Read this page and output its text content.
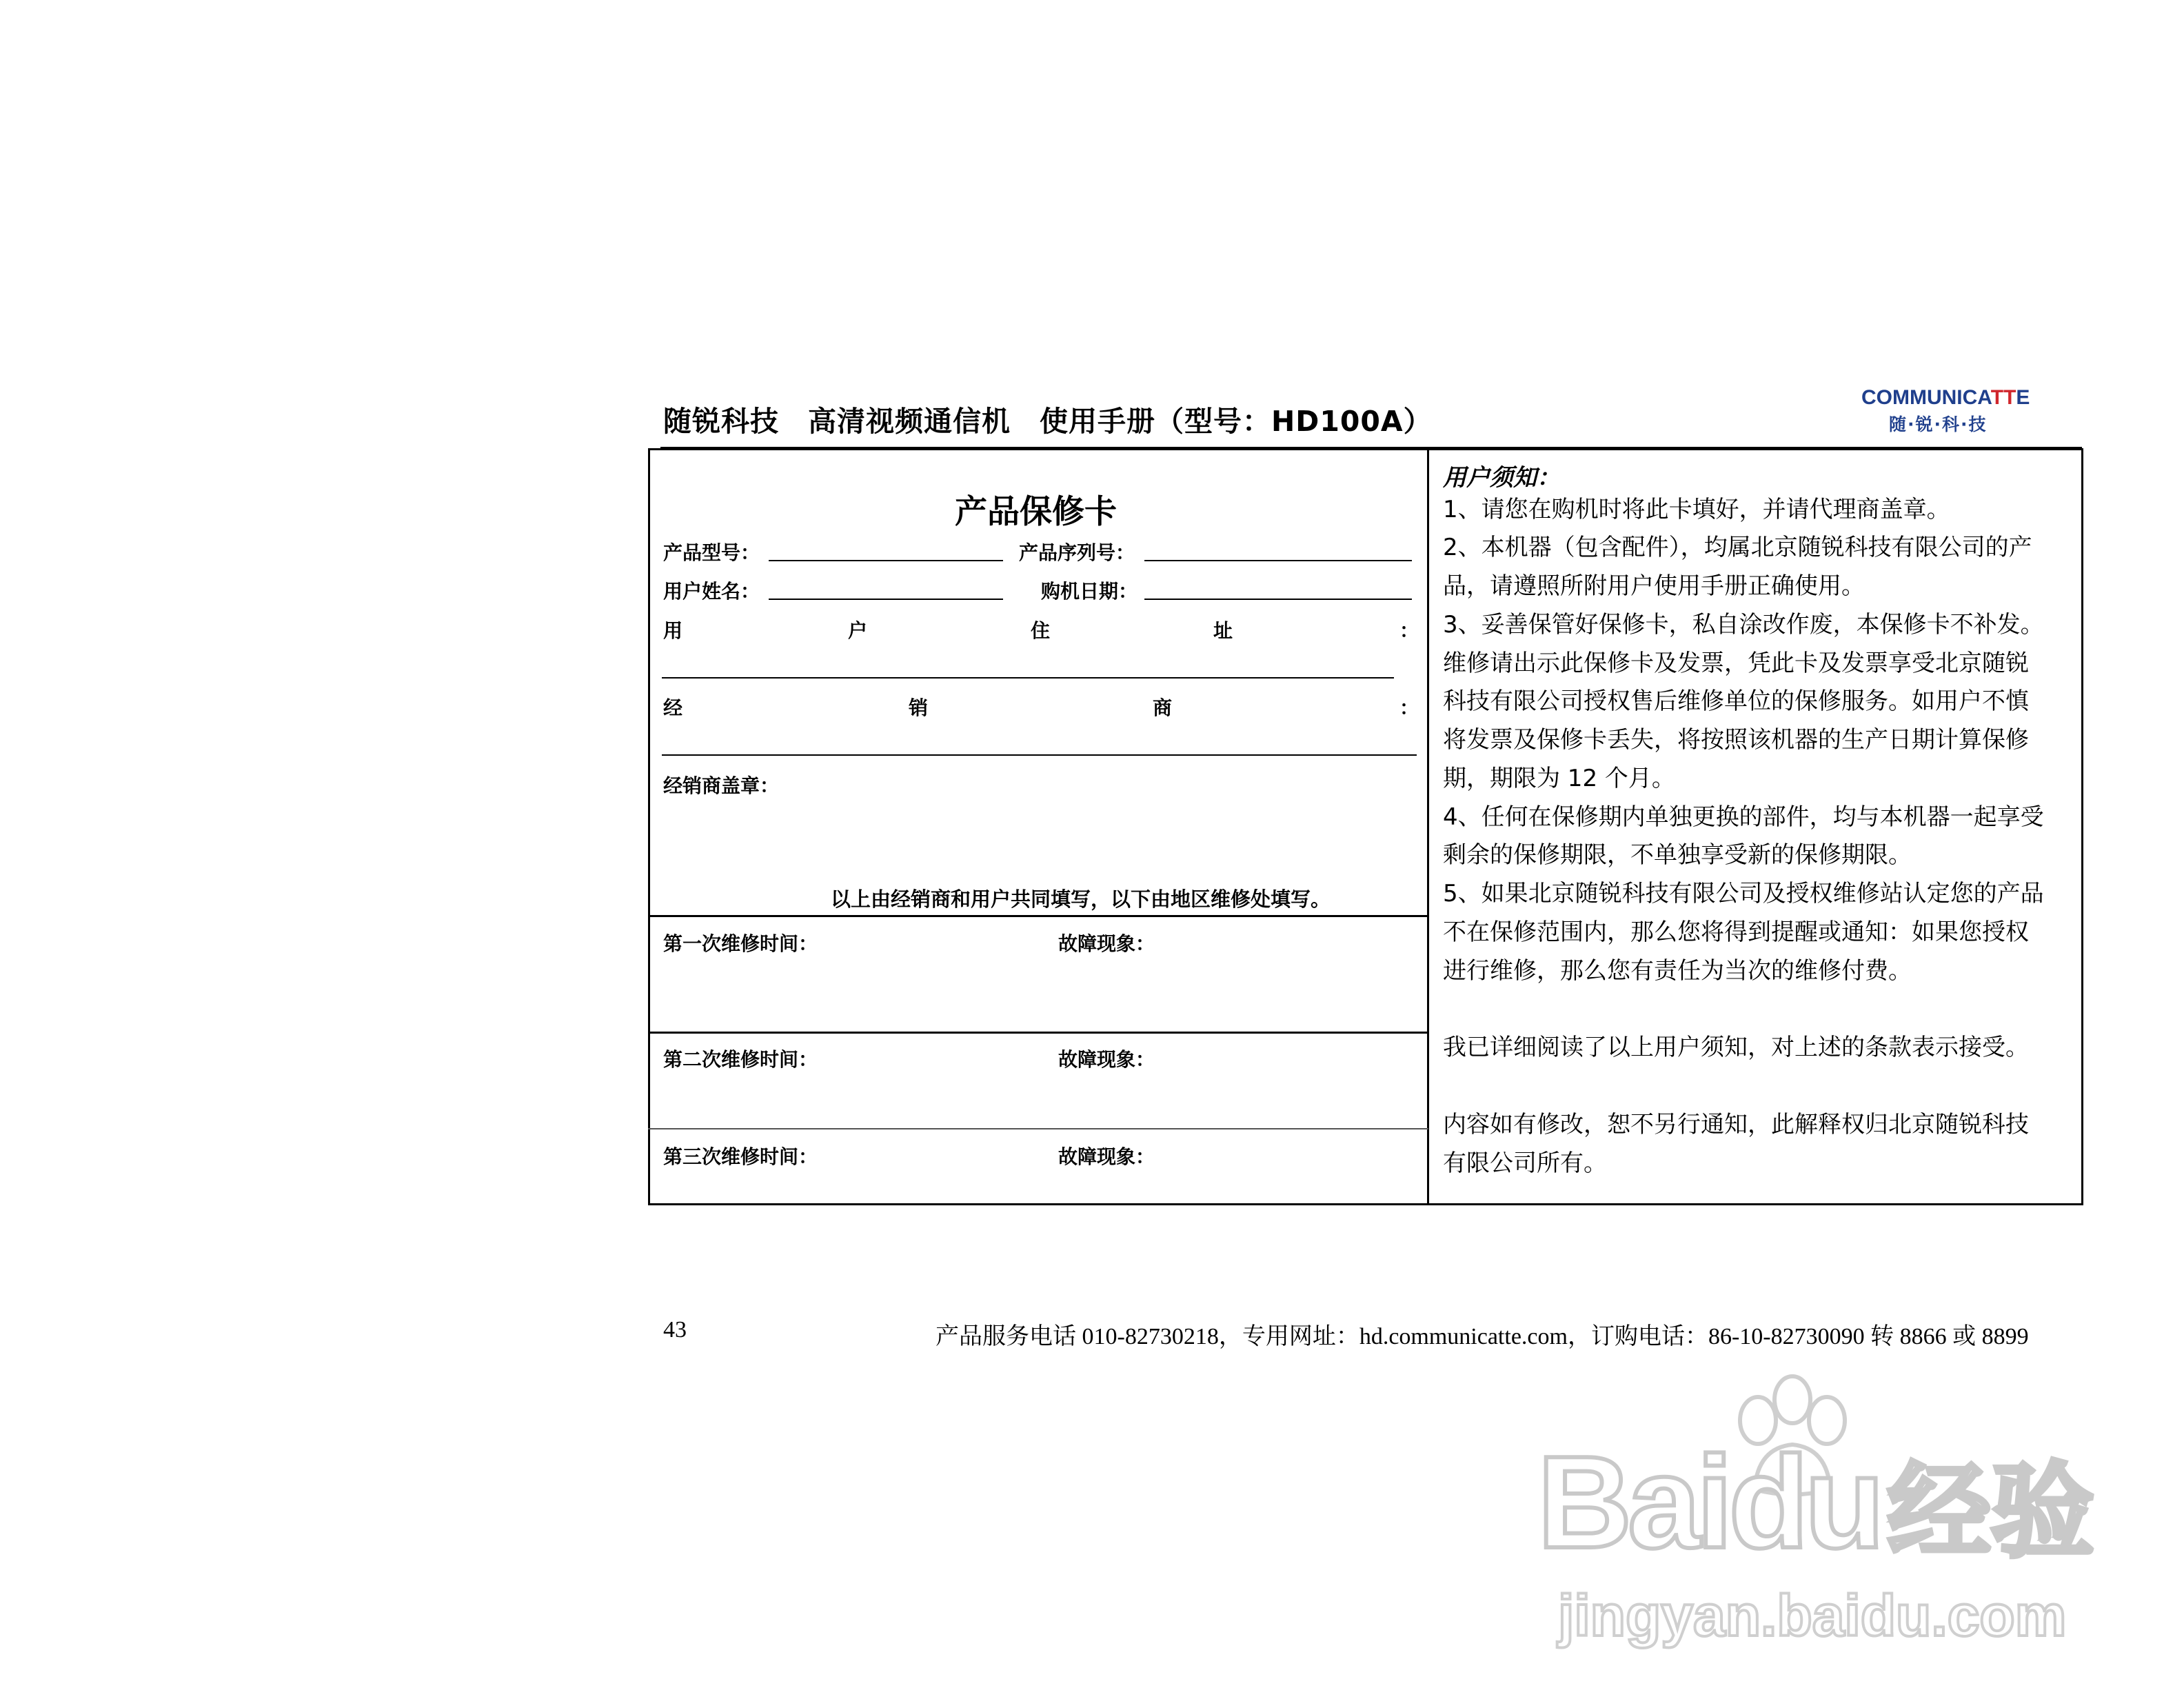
随锐科技　高清视频通信机　使用手册（型号：HD100A）
COMMUNICATTE
随·锐·科·技
产品保修卡
产品型号：	产品序列号：
用户姓名：	购机日期：
用	户	住	址	：
经	销	商	：
经销商盖章：
以上由经销商和用户共同填写，以下由地区维修处填写。
第一次维修时间：	故障现象：
第二次维修时间：	故障现象：
第三次维修时间：	故障现象：
用户须知：
1、请您在购机时将此卡填好，并请代理商盖章。
2、本机器（包含配件），均属北京随锐科技有限公司的产
品，请遵照所附用户使用手册正确使用。
3、妥善保管好保修卡，私自涂改作废，本保修卡不补发。
维修请出示此保修卡及发票，凭此卡及发票享受北京随锐
科技有限公司授权售后维修单位的保修服务。如用户不慎
将发票及保修卡丢失，将按照该机器的生产日期计算保修
期，期限为 12 个月。
4、任何在保修期内单独更换的部件，均与本机器一起享受
剩余的保修期限，不单独享受新的保修期限。
5、如果北京随锐科技有限公司及授权维修站认定您的产品
不在保修范围内，那么您将得到提醒或通知：如果您授权
进行维修，那么您有责任为当次的维修付费。
我已详细阅读了以上用户须知，对上述的条款表示接受。
内容如有修改，恕不另行通知，此解释权归北京随锐科技
有限公司所有。
43	产品服务电话 010-82730218，专用网址：hd.communicatte.com，订购电话：86-10-82730090 转 8866 或 8899
Baidu经验
jingyan.baidu.com
